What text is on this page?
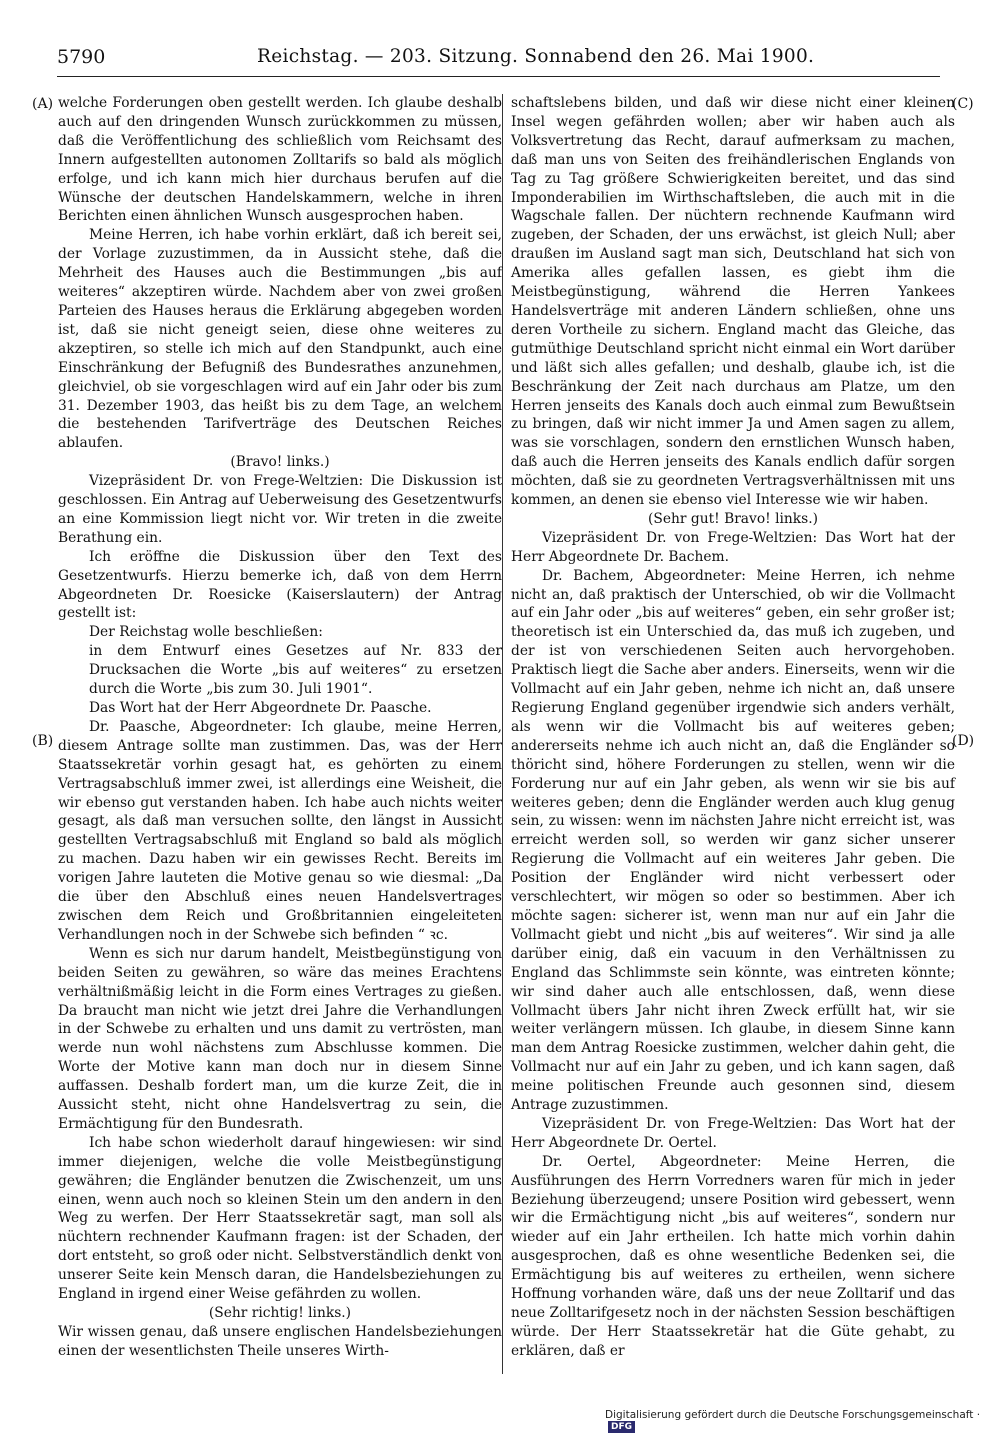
5790	Reichstag. — 203. Sitzung. Sonnabend den 26. Mai 1900.
(A)
(B)
(C)
(D)

welche Forderungen oben gestellt werden. Ich glaube deshalb auch auf den dringenden Wunsch zurückkommen zu müssen, daß die Veröffentlichung des schließlich vom Reichsamt des Innern aufgestellten autonomen Zolltarifs so bald als möglich erfolge, und ich kann mich hier durchaus berufen auf die Wünsche der deutschen Handelskammern, welche in ihren Berichten einen ähnlichen Wunsch ausgesprochen haben.

Meine Herren, ich habe vorhin erklärt, daß ich bereit sei, der Vorlage zuzustimmen, da in Aussicht stehe, daß die Mehrheit des Hauses auch die Bestimmungen „bis auf weiteres“ akzeptiren würde. Nachdem aber von zwei großen Parteien des Hauses heraus die Erklärung abgegeben worden ist, daß sie nicht geneigt seien, diese ohne weiteres zu akzeptiren, so stelle ich mich auf den Standpunkt, auch eine Einschränkung der Befugniß des Bundesrathes anzunehmen, gleichviel, ob sie vorgeschlagen wird auf ein Jahr oder bis zum 31. Dezember 1903, das heißt bis zu dem Tage, an welchem die bestehenden Tarifverträge des Deutschen Reiches ablaufen.

(Bravo! links.)

Vizepräsident Dr. von Frege-Weltzien: Die Diskussion ist geschlossen. Ein Antrag auf Ueberweisung des Gesetzentwurfs an eine Kommission liegt nicht vor. Wir treten in die zweite Berathung ein.

Ich eröffne die Diskussion über den Text des Gesetzentwurfs. Hierzu bemerke ich, daß von dem Herrn Abgeordneten Dr. Roesicke (Kaiserslautern) der Antrag gestellt ist:

Der Reichstag wolle beschließen:

in dem Entwurf eines Gesetzes auf Nr. 833 der Drucksachen die Worte „bis auf weiteres“ zu ersetzen durch die Worte „bis zum 30. Juli 1901“.

Das Wort hat der Herr Abgeordnete Dr. Paasche.

Dr. Paasche, Abgeordneter: Ich glaube, meine Herren, diesem Antrage sollte man zustimmen. Das, was der Herr Staatssekretär vorhin gesagt hat, es gehörten zu einem Vertragsabschluß immer zwei, ist allerdings eine Weisheit, die wir ebenso gut verstanden haben. Ich habe auch nichts weiter gesagt, als daß man versuchen sollte, den längst in Aussicht gestellten Vertragsabschluß mit England so bald als möglich zu machen. Dazu haben wir ein gewisses Recht. Bereits im vorigen Jahre lauteten die Motive genau so wie diesmal: „Da die über den Abschluß eines neuen Handelsvertrages zwischen dem Reich und Großbritannien eingeleiteten Verhandlungen noch in der Schwebe sich befinden “ ꝛc.

Wenn es sich nur darum handelt, Meistbegünstigung von beiden Seiten zu gewähren, so wäre das meines Erachtens verhältnißmäßig leicht in die Form eines Vertrages zu gießen. Da braucht man nicht wie jetzt drei Jahre die Verhandlungen in der Schwebe zu erhalten und uns damit zu vertrösten, man werde nun wohl nächstens zum Abschlusse kommen. Die Worte der Motive kann man doch nur in diesem Sinne auffassen. Deshalb fordert man, um die kurze Zeit, die in Aussicht steht, nicht ohne Handelsvertrag zu sein, die Ermächtigung für den Bundesrath.

Ich habe schon wiederholt darauf hingewiesen: wir sind immer diejenigen, welche die volle Meistbegünstigung gewähren; die Engländer benutzen die Zwischenzeit, um uns einen, wenn auch noch so kleinen Stein um den andern in den Weg zu werfen. Der Herr Staatssekretär sagt, man soll als nüchtern rechnender Kaufmann fragen: ist der Schaden, der dort entsteht, so groß oder nicht. Selbstverständlich denkt von unserer Seite kein Mensch daran, die Handelsbeziehungen zu England in irgend einer Weise gefährden zu wollen.

(Sehr richtig! links.)

Wir wissen genau, daß unsere englischen Handelsbeziehungen einen der wesentlichsten Theile unseres Wirth-

schaftslebens bilden, und daß wir diese nicht einer kleinen Insel wegen gefährden wollen; aber wir haben auch als Volksvertretung das Recht, darauf aufmerksam zu machen, daß man uns von Seiten des freihändlerischen Englands von Tag zu Tag größere Schwierigkeiten bereitet, und das sind Imponderabilien im Wirthschaftsleben, die auch mit in die Wagschale fallen. Der nüchtern rechnende Kaufmann wird zugeben, der Schaden, der uns erwächst, ist gleich Null; aber draußen im Ausland sagt man sich, Deutschland hat sich von Amerika alles gefallen lassen, es giebt ihm die Meistbegünstigung, während die Herren Yankees Handelsverträge mit anderen Ländern schließen, ohne uns deren Vortheile zu sichern. England macht das Gleiche, das gutmüthige Deutschland spricht nicht einmal ein Wort darüber und läßt sich alles gefallen; und deshalb, glaube ich, ist die Beschränkung der Zeit nach durchaus am Platze, um den Herren jenseits des Kanals doch auch einmal zum Bewußtsein zu bringen, daß wir nicht immer Ja und Amen sagen zu allem, was sie vorschlagen, sondern den ernstlichen Wunsch haben, daß auch die Herren jenseits des Kanals endlich dafür sorgen möchten, daß sie zu geordneten Vertragsverhältnissen mit uns kommen, an denen sie ebenso viel Interesse wie wir haben.

(Sehr gut! Bravo! links.)

Vizepräsident Dr. von Frege-Weltzien: Das Wort hat der Herr Abgeordnete Dr. Bachem.

Dr. Bachem, Abgeordneter: Meine Herren, ich nehme nicht an, daß praktisch der Unterschied, ob wir die Vollmacht auf ein Jahr oder „bis auf weiteres“ geben, ein sehr großer ist; theoretisch ist ein Unterschied da, das muß ich zugeben, und der ist von verschiedenen Seiten auch hervorgehoben. Praktisch liegt die Sache aber anders. Einerseits, wenn wir die Vollmacht auf ein Jahr geben, nehme ich nicht an, daß unsere Regierung England gegenüber irgendwie sich anders verhält, als wenn wir die Vollmacht bis auf weiteres geben; andererseits nehme ich auch nicht an, daß die Engländer so thöricht sind, höhere Forderungen zu stellen, wenn wir die Forderung nur auf ein Jahr geben, als wenn wir sie bis auf weiteres geben; denn die Engländer werden auch klug genug sein, zu wissen: wenn im nächsten Jahre nicht erreicht ist, was erreicht werden soll, so werden wir ganz sicher unserer Regierung die Vollmacht auf ein weiteres Jahr geben. Die Position der Engländer wird nicht verbessert oder verschlechtert, wir mögen so oder so bestimmen. Aber ich möchte sagen: sicherer ist, wenn man nur auf ein Jahr die Vollmacht giebt und nicht „bis auf weiteres“. Wir sind ja alle darüber einig, daß ein vacuum in den Verhältnissen zu England das Schlimmste sein könnte, was eintreten könnte; wir sind daher auch alle entschlossen, daß, wenn diese Vollmacht übers Jahr nicht ihren Zweck erfüllt hat, wir sie weiter verlängern müssen. Ich glaube, in diesem Sinne kann man dem Antrag Roesicke zustimmen, welcher dahin geht, die Vollmacht nur auf ein Jahr zu geben, und ich kann sagen, daß meine politischen Freunde auch gesonnen sind, diesem Antrage zuzustimmen.

Vizepräsident Dr. von Frege-Weltzien: Das Wort hat der Herr Abgeordnete Dr. Oertel.

Dr. Oertel, Abgeordneter: Meine Herren, die Ausführungen des Herrn Vorredners waren für mich in jeder Beziehung überzeugend; unsere Position wird gebessert, wenn wir die Ermächtigung nicht „bis auf weiteres“, sondern nur wieder auf ein Jahr ertheilen. Ich hatte mich vorhin dahin ausgesprochen, daß es ohne wesentliche Bedenken sei, die Ermächtigung bis auf weiteres zu ertheilen, wenn sichere Hoffnung vorhanden wäre, daß uns der neue Zolltarif und das neue Zolltarifgesetz noch in der nächsten Session beschäftigen würde. Der Herr Staatssekretär hat die Güte gehabt, zu erklären, daß er

Digitalisierung gefördert durch die Deutsche Forschungsgemeinschaft ·DFG
